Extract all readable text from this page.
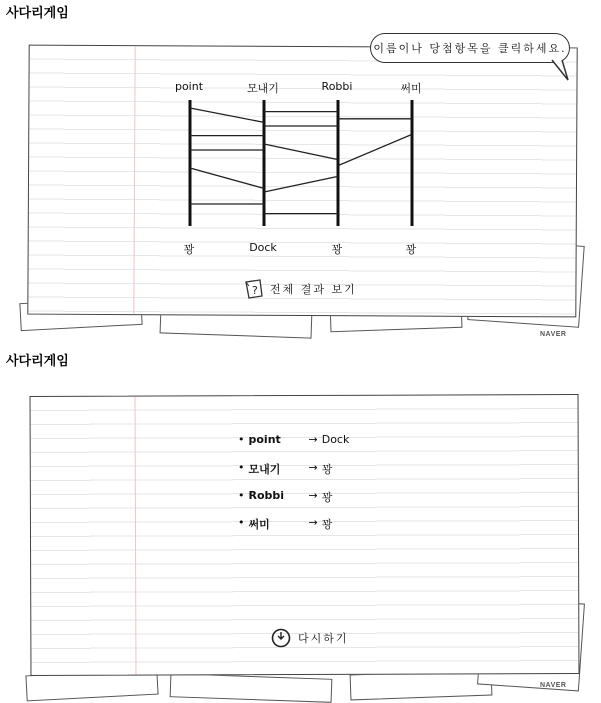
사다리게임
이름이나 당첨항목을 클릭하세요.
point	모내기	Robbi	써미
꽝	Dock	꽝	꽝
? 전체 결과 보기
NAVER
사다리게임
• point	→ Dock
• 모내기	→ 꽝
• Robbi	→ 꽝
• 써미	→ 꽝
다시하기
NAVER
